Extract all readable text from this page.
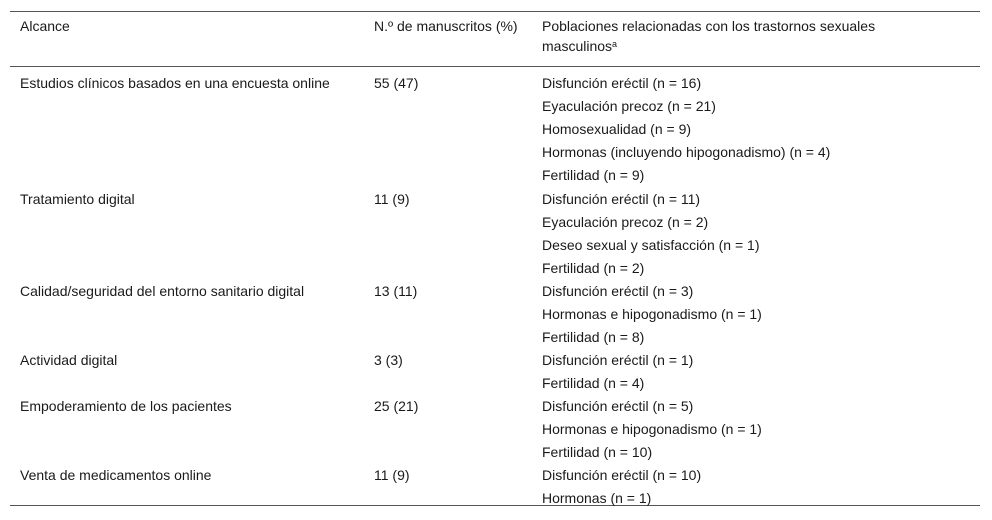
Alcance	N.º de manuscritos (%)	Poblaciones relacionadas con los trastornos sexuales masculinos$^a$
Estudios clínicos basados en una encuesta online	55 (47)	Disfunción eréctil (n = 16)
Eyaculación precoz (n = 21)
Homosexualidad (n = 9)
Hormonas (incluyendo hipogonadismo) (n = 4)
Fertilidad (n = 9)
Tratamiento digital	11 (9)	Disfunción eréctil (n = 11)
Eyaculación precoz (n = 2)
Deseo sexual y satisfacción (n = 1)
Fertilidad (n = 2)
Calidad/seguridad del entorno sanitario digital	13 (11)	Disfunción eréctil (n = 3)
Hormonas e hipogonadismo (n = 1)
Fertilidad (n = 8)
Actividad digital	3 (3)	Disfunción eréctil (n = 1)
Fertilidad (n = 4)
Empoderamiento de los pacientes	25 (21)	Disfunción eréctil (n = 5)
Hormonas e hipogonadismo (n = 1)
Fertilidad (n = 10)
Venta de medicamentos online	11 (9)	Disfunción eréctil (n = 10)
Hormonas (n = 1)
